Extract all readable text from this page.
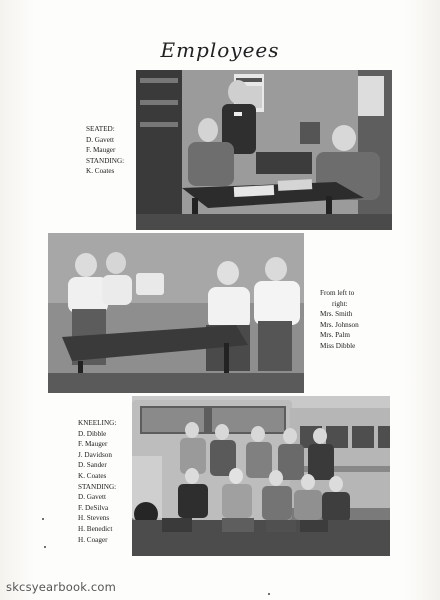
Employees
SEATED:
D. Gavett
F. Mauger
STANDING:
K. Coates
From left to
right:
Mrs. Smith
Mrs. Johnson
Mrs. Palm
Miss Dibble
KNEELING:
D. Dibble
F. Mauger
J. Davidson
D. Sander
K. Coates
STANDING:
D. Gavett
F. DeSilva
H. Stevens
H. Benedict
H. Coager
skcsyearbook.com
